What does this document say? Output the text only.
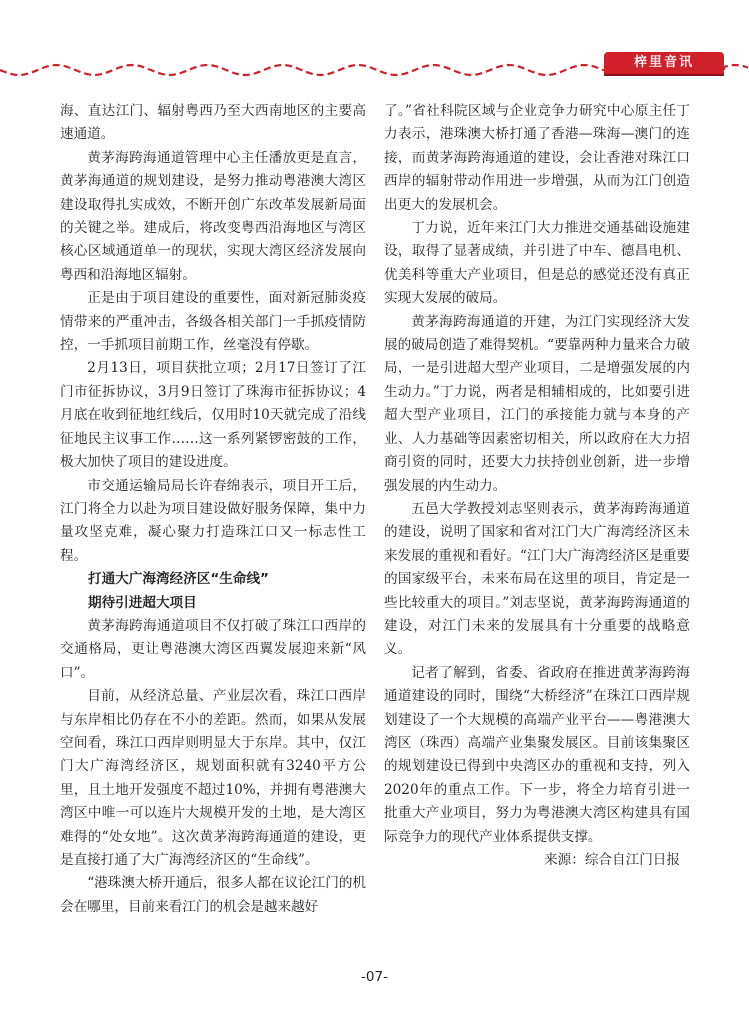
梓里音讯

海、直达江门、辐射粤西乃至大西南地区的主要高速通道。

黄茅海跨海通道管理中心主任潘放更是直言，黄茅海通道的规划建设，是努力推动粤港澳大湾区建设取得扎实成效，不断开创广东改革发展新局面的关键之举。建成后，将改变粤西沿海地区与湾区核心区域通道单一的现状，实现大湾区经济发展向粤西和沿海地区辐射。

正是由于项目建设的重要性，面对新冠肺炎疫情带来的严重冲击，各级各相关部门一手抓疫情防控，一手抓项目前期工作，丝毫没有停歇。

2月13日，项目获批立项；2月17日签订了江门市征拆协议，3月9日签订了珠海市征拆协议；4月底在收到征地红线后，仅用时10天就完成了沿线征地民主议事工作……这一系列紧锣密鼓的工作，极大加快了项目的建设进度。

市交通运输局局长许春绵表示，项目开工后，江门将全力以赴为项目建设做好服务保障，集中力量攻坚克难，凝心聚力打造珠江口又一标志性工程。

打通大广海湾经济区“生命线”
期待引进超大项目

黄茅海跨海通道项目不仅打破了珠江口西岸的交通格局，更让粤港澳大湾区西翼发展迎来新“风口”。

目前，从经济总量、产业层次看，珠江口西岸与东岸相比仍存在不小的差距。然而，如果从发展空间看，珠江口西岸则明显大于东岸。其中，仅江门大广海湾经济区，规划面积就有3240平方公里，且土地开发强度不超过10%，并拥有粤港澳大湾区中唯一可以连片大规模开发的土地，是大湾区难得的“处女地”。这次黄茅海跨海通道的建设，更是直接打通了大广海湾经济区的“生命线”。

“港珠澳大桥开通后，很多人都在议论江门的机会在哪里，目前来看江门的机会是越来越好

了。”省社科院区域与企业竞争力研究中心原主任丁力表示，港珠澳大桥打通了香港—珠海—澳门的连接，而黄茅海跨海通道的建设，会让香港对珠江口西岸的辐射带动作用进一步增强，从而为江门创造出更大的发展机会。

丁力说，近年来江门大力推进交通基础设施建设，取得了显著成绩，并引进了中车、德昌电机、优美科等重大产业项目，但是总的感觉还没有真正实现大发展的破局。

黄茅海跨海通道的开建，为江门实现经济大发展的破局创造了难得契机。“要靠两种力量来合力破局，一是引进超大型产业项目，二是增强发展的内生动力。”丁力说，两者是相辅相成的，比如要引进超大型产业项目，江门的承接能力就与本身的产业、人力基础等因素密切相关，所以政府在大力招商引资的同时，还要大力扶持创业创新，进一步增强发展的内生动力。

五邑大学教授刘志坚则表示，黄茅海跨海通道的建设，说明了国家和省对江门大广海湾经济区未来发展的重视和看好。“江门大广海湾经济区是重要的国家级平台，未来布局在这里的项目，肯定是一些比较重大的项目。”刘志坚说，黄茅海跨海通道的建设，对江门未来的发展具有十分重要的战略意义。

记者了解到，省委、省政府在推进黄茅海跨海通道建设的同时，围绕“大桥经济”在珠江口西岸规划建设了一个大规模的高端产业平台——粤港澳大湾区（珠西）高端产业集聚发展区。目前该集聚区的规划建设已得到中央湾区办的重视和支持，列入2020年的重点工作。下一步，将全力培育引进一批重大产业项目，努力为粤港澳大湾区构建具有国际竞争力的现代产业体系提供支撑。

来源：综合自江门日报

-07-
